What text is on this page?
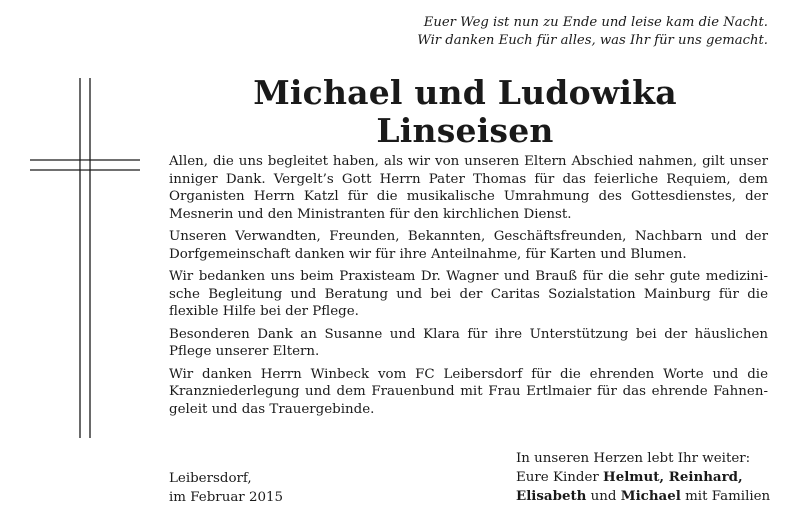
Euer Weg ist nun zu Ende und leise kam die Nacht.
Wir danken Euch für alles, was Ihr für uns gemacht.
Michael und Ludowika
Linseisen

Allen, die uns begleitet haben, als wir von unseren Eltern Abschied nahmen, gilt unser inniger Dank. Vergelt’s Gott Herrn Pater Thomas für das feierliche Requiem, dem Organisten Herrn Katzl für die musikalische Umrahmung des Gottesdienstes, der Mesnerin und den Ministranten für den kirchlichen Dienst.

Unseren Verwandten, Freunden, Bekannten, Geschäftsfreunden, Nachbarn und der Dorfgemeinschaft danken wir für ihre Anteilnahme, für Karten und Blumen.

Wir bedanken uns beim Praxisteam Dr. Wagner und Brauß für die sehr gute medizinische Begleitung und Beratung und bei der Caritas Sozialstation Mainburg für die flexible Hilfe bei der Pflege.

Besonderen Dank an Susanne und Klara für ihre Unterstützung bei der häuslichen Pflege unserer Eltern.

Wir danken Herrn Winbeck vom FC Leibersdorf für die ehrenden Worte und die Kranzniederlegung und dem Frauenbund mit Frau Ertlmaier für das ehrende Fahnengeleit und das Trauergebinde.

Leibersdorf,
im Februar 2015
In unseren Herzen lebt Ihr weiter:
Eure Kinder Helmut, Reinhard,
Elisabeth und Michael mit Familien
